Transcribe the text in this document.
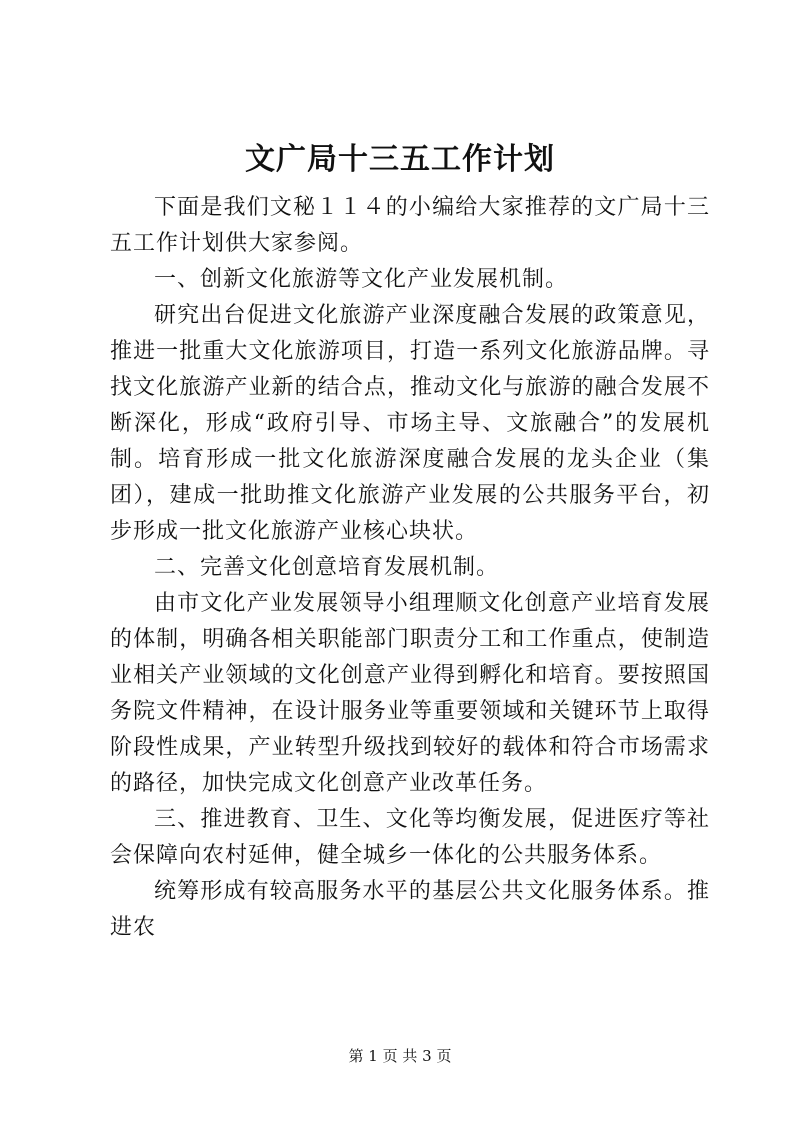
文广局十三五工作计划

下面是我们文秘１１４的小编给大家推荐的文广局十三五工作计划供大家参阅。

一、创新文化旅游等文化产业发展机制。

研究出台促进文化旅游产业深度融合发展的政策意见，推进一批重大文化旅游项目，打造一系列文化旅游品牌。寻找文化旅游产业新的结合点，推动文化与旅游的融合发展不断深化，形成“政府引导、市场主导、文旅融合”的发展机制。培育形成一批文化旅游深度融合发展的龙头企业（集团），建成一批助推文化旅游产业发展的公共服务平台，初步形成一批文化旅游产业核心块状。

二、完善文化创意培育发展机制。

由市文化产业发展领导小组理顺文化创意产业培育发展的体制，明确各相关职能部门职责分工和工作重点，使制造业相关产业领域的文化创意产业得到孵化和培育。要按照国务院文件精神，在设计服务业等重要领域和关键环节上取得阶段性成果，产业转型升级找到较好的载体和符合市场需求的路径，加快完成文化创意产业改革任务。

三、推进教育、卫生、文化等均衡发展，促进医疗等社会保障向农村延伸，健全城乡一体化的公共服务体系。

统筹形成有较高服务水平的基层公共文化服务体系。推进农

第 1 页 共 3 页
